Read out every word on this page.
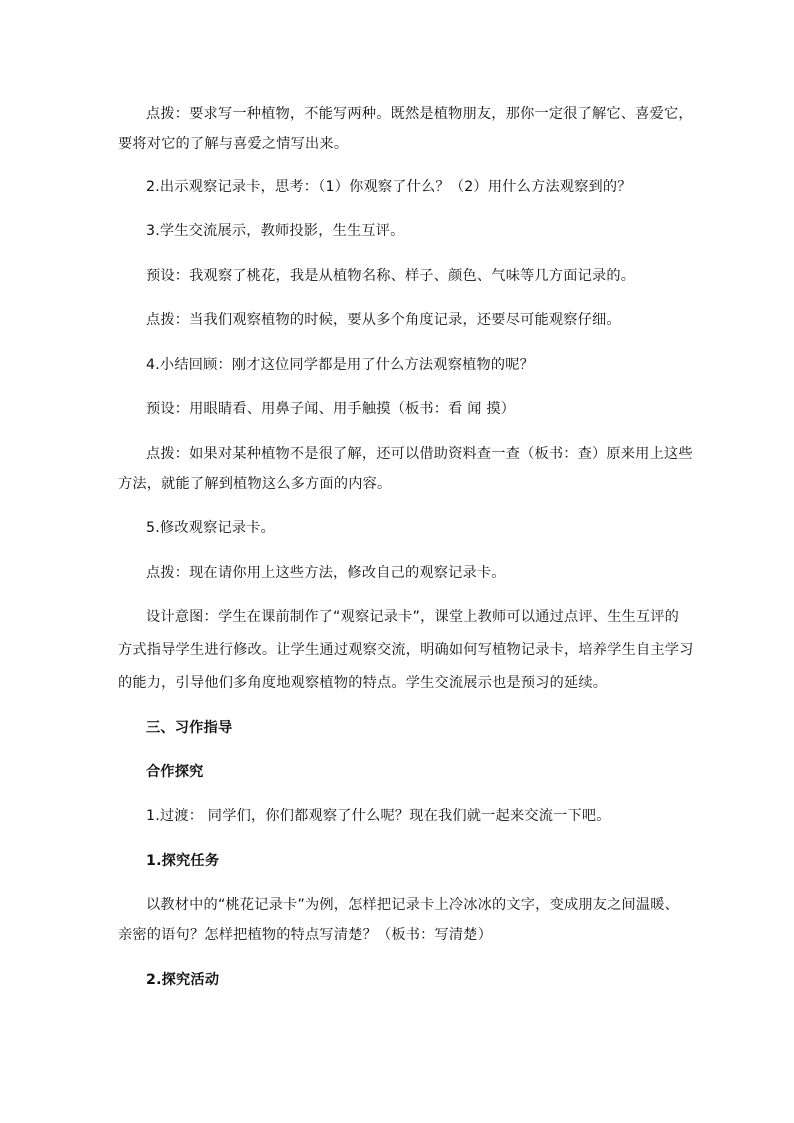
点拨：要求写一种植物，不能写两种。既然是植物朋友，那你一定很了解它、喜爱它，
要将对它的了解与喜爱之情写出来。
2.出示观察记录卡，思考：（1）你观察了什么？（2）用什么方法观察到的？
3.学生交流展示，教师投影，生生互评。
预设：我观察了桃花，我是从植物名称、样子、颜色、气味等几方面记录的。
点拨：当我们观察植物的时候，要从多个角度记录，还要尽可能观察仔细。
4.小结回顾：刚才这位同学都是用了什么方法观察植物的呢？
预设：用眼睛看、用鼻子闻、用手触摸（板书：看 闻 摸）
点拨：如果对某种植物不是很了解，还可以借助资料查一查（板书：查）原来用上这些
方法，就能了解到植物这么多方面的内容。
5.修改观察记录卡。
点拨：现在请你用上这些方法，修改自己的观察记录卡。
设计意图：学生在课前制作了“观察记录卡”，课堂上教师可以通过点评、生生互评的
方式指导学生进行修改。让学生通过观察交流，明确如何写植物记录卡，培养学生自主学习
的能力，引导他们多角度地观察植物的特点。学生交流展示也是预习的延续。
三、习作指导
合作探究
1.过渡： 同学们，你们都观察了什么呢？现在我们就一起来交流一下吧。
1.探究任务
以教材中的“桃花记录卡”为例，怎样把记录卡上冷冰冰的文字，变成朋友之间温暖、
亲密的语句？怎样把植物的特点写清楚？（板书：写清楚）
2.探究活动
